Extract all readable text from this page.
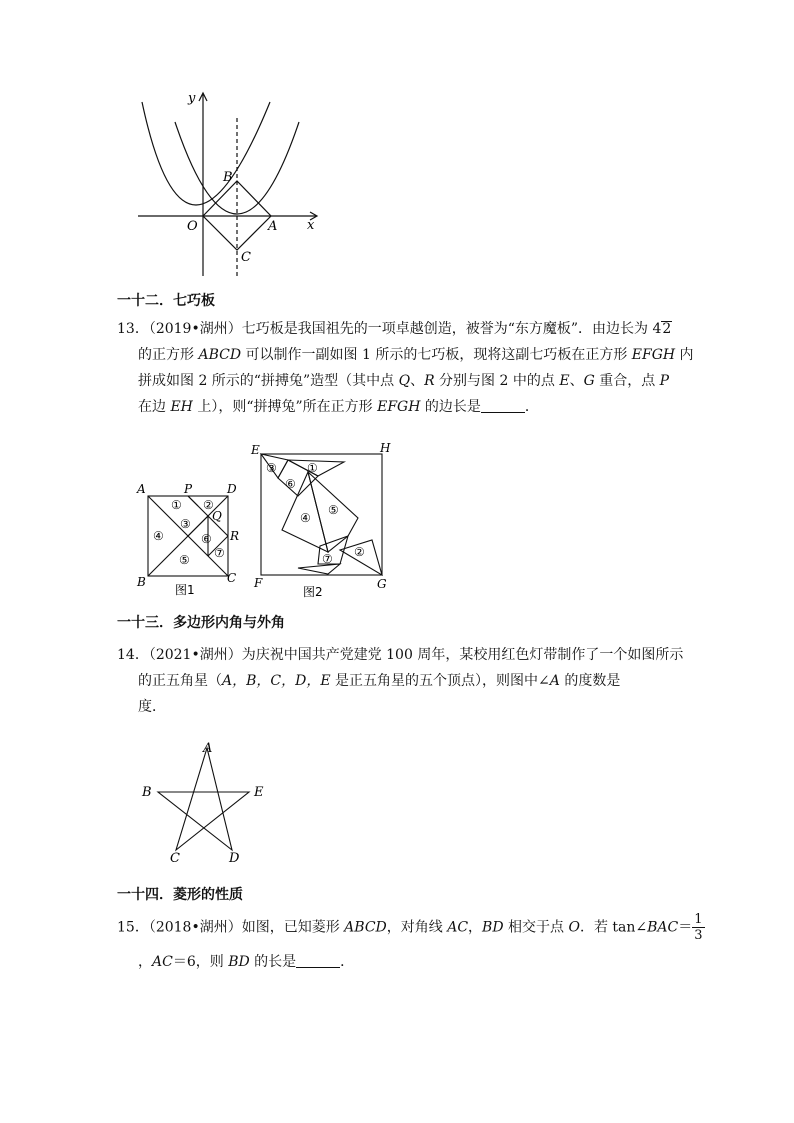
y
x
B
O	A
C
一十二．七巧板
13．（2019•湖州）七巧板是我国祖先的一项卓越创造，被誉为“东方魔板”．由边长为 42
的正方形 ABCD 可以制作一副如图 1 所示的七巧板，现将这副七巧板在正方形 EFGH 内
拼成如图 2 所示的“拼搏兔”造型（其中点 Q、R 分别与图 2 中的点 E、G 重合，点 P
在边 EH 上），则“拼搏兔”所在正方形 EFGH 的边长是	．
A	P	D
Q
R
B	C
① ②
③
④
⑤
⑥
⑦
图1
E	H
F	G
①
②
③
④
⑤
⑥
⑦
图2
一十三．多边形内角与外角
14．（2021•湖州）为庆祝中国共产党建党 100 周年，某校用红色灯带制作了一个如图所示
的正五角星（A，B，C，D，E 是正五角星的五个顶点），则图中∠A 的度数是
度．
A
B	E
C	D
一十四．菱形的性质
15．（2018•湖州）如图，已知菱形 ABCD，对角线 AC，BD 相交于点 O．若 tan∠BAC＝ $\frac{1}{3}$
，AC＝6，则 BD 的长是	．
